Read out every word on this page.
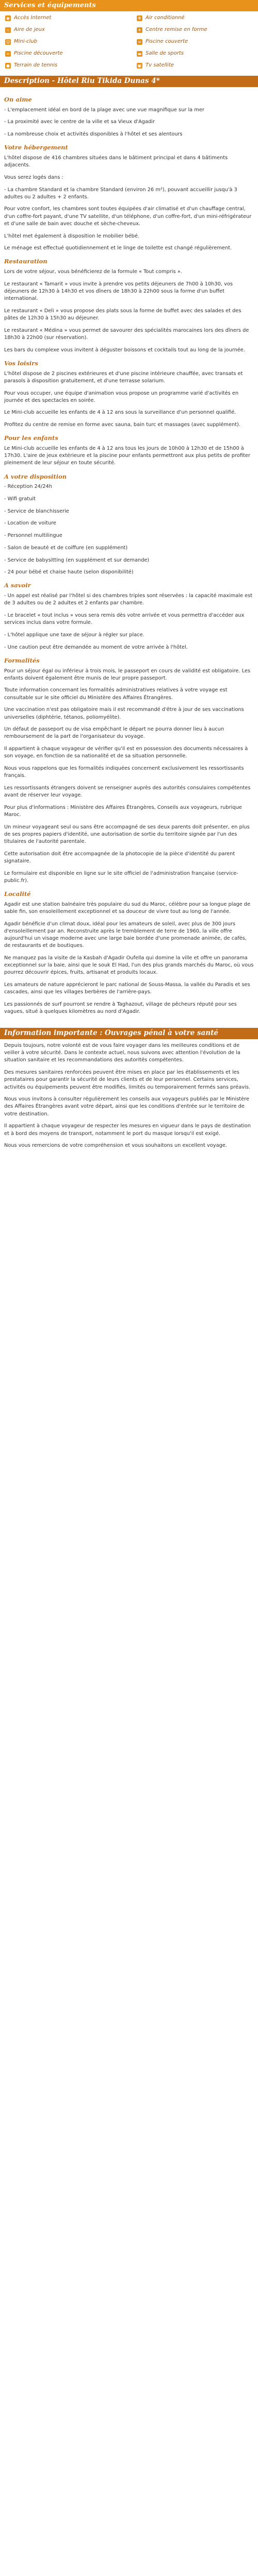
Services et équipements
◉ Accès Internet	❄ Air conditionné
☆ Aire de jeux	✦ Centre remise en forme
☺ Mini-club	≈ Piscine couverte
≈ Piscine découverte	▬ Salle de sports
● Terrain de tennis	▣ Tv satellite
Description - Hôtel Riu Tikida Dunas 4*
On aime

- L'emplacement idéal en bord de la plage avec une vue magnifique sur la mer

- La proximité avec le centre de la ville et sa Vieux d'Agadir

- La nombreuse choix et activités disponibles à l'hôtel et ses alentours

Votre hébergement

L'hôtel dispose de 416 chambres situées dans le bâtiment principal et dans 4 bâtiments adjacents.

Vous serez logés dans :

- La chambre Standard et la chambre Standard (environ 26 m²), pouvant accueillir jusqu'à 3 adultes ou 2 adultes + 2 enfants.

Pour votre confort, les chambres sont toutes équipées d'air climatisé et d'un chauffage central, d'un coffre-fort payant, d'une TV satellite, d'un téléphone, d'un coffre-fort, d'un mini-réfrigérateur et d'une salle de bain avec douche et sèche-cheveux.

L'hôtel met également à disposition le mobilier bébé.

Le ménage est effectué quotidiennement et le linge de toilette est changé régulièrement.

Restauration

Lors de votre séjour, vous bénéficierez de la formule « Tout compris ».

Le restaurant « Tamarit » vous invite à prendre vos petits déjeuners de 7h00 à 10h30, vos déjeuners de 12h30 à 14h30 et vos dîners de 18h30 à 22h00 sous la forme d'un buffet international.

Le restaurant « Deli » vous propose des plats sous la forme de buffet avec des salades et des pâtes de 12h30 à 15h30 au déjeuner.

Le restaurant « Médina » vous permet de savourer des spécialités marocaines lors des dîners de 18h30 à 22h00 (sur réservation).

Les bars du complexe vous invitent à déguster boissons et cocktails tout au long de la journée.

Vos loisirs

L'hôtel dispose de 2 piscines extérieures et d'une piscine intérieure chauffée, avec transats et parasols à disposition gratuitement, et d'une terrasse solarium.

Pour vous occuper, une équipe d'animation vous propose un programme varié d'activités en journée et des spectacles en soirée.

Le Mini-club accueille les enfants de 4 à 12 ans sous la surveillance d'un personnel qualifié.

Profitez du centre de remise en forme avec sauna, bain turc et massages (avec supplément).

Pour les enfants

Le Mini-club accueille les enfants de 4 à 12 ans tous les jours de 10h00 à 12h30 et de 15h00 à 17h30. L'aire de jeux extérieure et la piscine pour enfants permettront aux plus petits de profiter pleinement de leur séjour en toute sécurité.

A votre disposition

- Réception 24/24h

- Wifi gratuit

- Service de blanchisserie

- Location de voiture

- Personnel multilingue

- Salon de beauté et de coiffure (en supplément)

- Service de babysitting (en supplément et sur demande)

- 24 pour bébé et chaise haute (selon disponibilité)

A savoir

- Un appel est réalisé par l'hôtel si des chambres triples sont réservées : la capacité maximale est de 3 adultes ou de 2 adultes et 2 enfants par chambre.

- Le bracelet « tout inclus » vous sera remis dès votre arrivée et vous permettra d'accéder aux services inclus dans votre formule.

- L'hôtel applique une taxe de séjour à régler sur place.

- Une caution peut être demandée au moment de votre arrivée à l'hôtel.

Formalités

Pour un séjour égal ou inférieur à trois mois, le passeport en cours de validité est obligatoire. Les enfants doivent également être munis de leur propre passeport.

Toute information concernant les formalités administratives relatives à votre voyage est consultable sur le site officiel du Ministère des Affaires Étrangères.

Une vaccination n'est pas obligatoire mais il est recommandé d'être à jour de ses vaccinations universelles (diphtérie, tétanos, poliomyélite).

Un défaut de passeport ou de visa empêchant le départ ne pourra donner lieu à aucun remboursement de la part de l'organisateur du voyage.

Il appartient à chaque voyageur de vérifier qu'il est en possession des documents nécessaires à son voyage, en fonction de sa nationalité et de sa situation personnelle.

Nous vous rappelons que les formalités indiquées concernent exclusivement les ressortissants français.

Les ressortissants étrangers doivent se renseigner auprès des autorités consulaires compétentes avant de réserver leur voyage.

Pour plus d'informations : Ministère des Affaires Étrangères, Conseils aux voyageurs, rubrique Maroc.

Un mineur voyageant seul ou sans être accompagné de ses deux parents doit présenter, en plus de ses propres papiers d'identité, une autorisation de sortie du territoire signée par l'un des titulaires de l'autorité parentale.

Cette autorisation doit être accompagnée de la photocopie de la pièce d'identité du parent signataire.

Le formulaire est disponible en ligne sur le site officiel de l'administration française (service-public.fr).

Localité

Agadir est une station balnéaire très populaire du sud du Maroc, célèbre pour sa longue plage de sable fin, son ensoleillement exceptionnel et sa douceur de vivre tout au long de l'année.

Agadir bénéficie d'un climat doux, idéal pour les amateurs de soleil, avec plus de 300 jours d'ensoleillement par an. Reconstruite après le tremblement de terre de 1960, la ville offre aujourd'hui un visage moderne avec une large baie bordée d'une promenade animée, de cafés, de restaurants et de boutiques.

Ne manquez pas la visite de la Kasbah d'Agadir Oufella qui domine la ville et offre un panorama exceptionnel sur la baie, ainsi que le souk El Had, l'un des plus grands marchés du Maroc, où vous pourrez découvrir épices, fruits, artisanat et produits locaux.

Les amateurs de nature apprécieront le parc national de Souss-Massa, la vallée du Paradis et ses cascades, ainsi que les villages berbères de l'arrière-pays.

Les passionnés de surf pourront se rendre à Taghazout, village de pêcheurs réputé pour ses vagues, situé à quelques kilomètres au nord d'Agadir.

Information importante : Ouvrages pénal à votre santé

Depuis toujours, notre volonté est de vous faire voyager dans les meilleures conditions et de veiller à votre sécurité. Dans le contexte actuel, nous suivons avec attention l'évolution de la situation sanitaire et les recommandations des autorités compétentes.

Des mesures sanitaires renforcées peuvent être mises en place par les établissements et les prestataires pour garantir la sécurité de leurs clients et de leur personnel. Certains services, activités ou équipements peuvent être modifiés, limités ou temporairement fermés sans préavis.

Nous vous invitons à consulter régulièrement les conseils aux voyageurs publiés par le Ministère des Affaires Étrangères avant votre départ, ainsi que les conditions d'entrée sur le territoire de votre destination.

Il appartient à chaque voyageur de respecter les mesures en vigueur dans le pays de destination et à bord des moyens de transport, notamment le port du masque lorsqu'il est exigé.

Nous vous remercions de votre compréhension et vous souhaitons un excellent voyage.
